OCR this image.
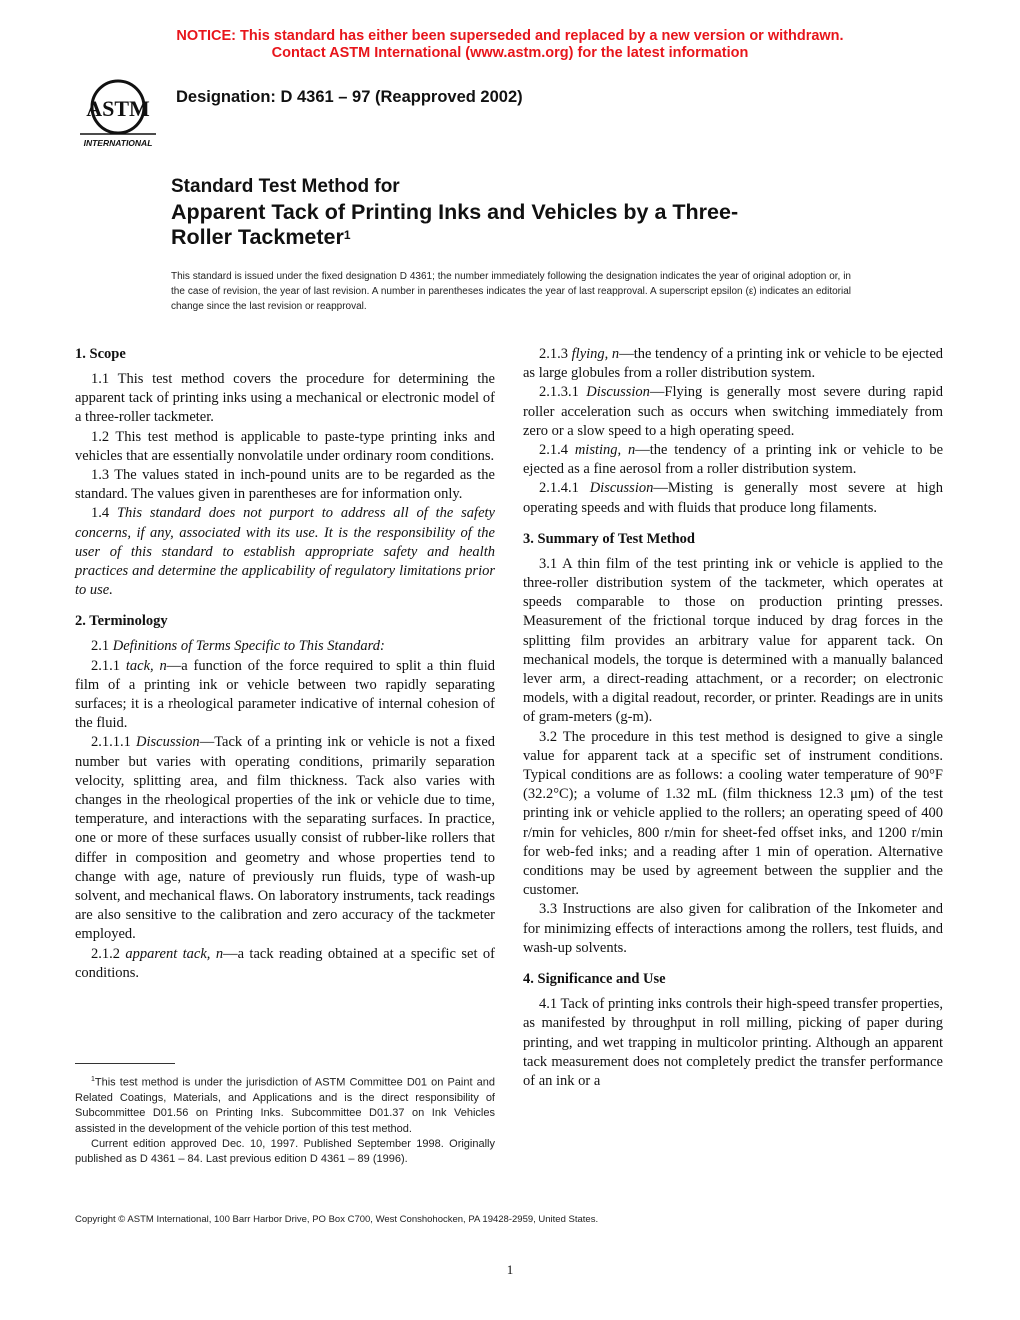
NOTICE: This standard has either been superseded and replaced by a new version or withdrawn.
Contact ASTM International (www.astm.org) for the latest information
ASTM
INTERNATIONAL
Designation: D 4361 – 97 (Reapproved 2002)
Standard Test Method for
Apparent Tack of Printing Inks and Vehicles by a Three-
Roller Tackmeter$^1$
This standard is issued under the fixed designation D 4361; the number immediately following the designation indicates the year of original adoption or, in the case of revision, the year of last revision. A number in parentheses indicates the year of last reapproval. A superscript epsilon (ε) indicates an editorial change since the last revision or reapproval.
1. Scope

1.1 This test method covers the procedure for determining the apparent tack of printing inks using a mechanical or electronic model of a three-roller tackmeter.

1.2 This test method is applicable to paste-type printing inks and vehicles that are essentially nonvolatile under ordinary room conditions.

1.3 The values stated in inch-pound units are to be regarded as the standard. The values given in parentheses are for information only.

1.4 This standard does not purport to address all of the safety concerns, if any, associated with its use. It is the responsibility of the user of this standard to establish appropriate safety and health practices and determine the applicability of regulatory limitations prior to use.

2. Terminology

2.1 Definitions of Terms Specific to This Standard:

2.1.1 tack, n—a function of the force required to split a thin fluid film of a printing ink or vehicle between two rapidly separating surfaces; it is a rheological parameter indicative of internal cohesion of the fluid.

2.1.1.1 Discussion—Tack of a printing ink or vehicle is not a fixed number but varies with operating conditions, primarily separation velocity, splitting area, and film thickness. Tack also varies with changes in the rheological properties of the ink or vehicle due to time, temperature, and interactions with the separating surfaces. In practice, one or more of these surfaces usually consist of rubber-like rollers that differ in composition and geometry and whose properties tend to change with age, nature of previously run fluids, type of wash-up solvent, and mechanical flaws. On laboratory instruments, tack readings are also sensitive to the calibration and zero accuracy of the tackmeter employed.

2.1.2 apparent tack, n—a tack reading obtained at a specific set of conditions.

$^1$This test method is under the jurisdiction of ASTM Committee D01 on Paint and Related Coatings, Materials, and Applications and is the direct responsibility of Subcommittee D01.56 on Printing Inks. Subcommittee D01.37 on Ink Vehicles assisted in the development of the vehicle portion of this test method.

Current edition approved Dec. 10, 1997. Published September 1998. Originally published as D 4361 – 84. Last previous edition D 4361 – 89 (1996).

2.1.3 flying, n—the tendency of a printing ink or vehicle to be ejected as large globules from a roller distribution system.

2.1.3.1 Discussion—Flying is generally most severe during rapid roller acceleration such as occurs when switching immediately from zero or a slow speed to a high operating speed.

2.1.4 misting, n—the tendency of a printing ink or vehicle to be ejected as a fine aerosol from a roller distribution system.

2.1.4.1 Discussion—Misting is generally most severe at high operating speeds and with fluids that produce long filaments.

3. Summary of Test Method

3.1 A thin film of the test printing ink or vehicle is applied to the three-roller distribution system of the tackmeter, which operates at speeds comparable to those on production printing presses. Measurement of the frictional torque induced by drag forces in the splitting film provides an arbitrary value for apparent tack. On mechanical models, the torque is determined with a manually balanced lever arm, a direct-reading attachment, or a recorder; on electronic models, with a digital readout, recorder, or printer. Readings are in units of gram-meters (g-m).

3.2 The procedure in this test method is designed to give a single value for apparent tack at a specific set of instrument conditions. Typical conditions are as follows: a cooling water temperature of 90°F (32.2°C); a volume of 1.32 mL (film thickness 12.3 μm) of the test printing ink or vehicle applied to the rollers; an operating speed of 400 r/min for vehicles, 800 r/min for sheet-fed offset inks, and 1200 r/min for web-fed inks; and a reading after 1 min of operation. Alternative conditions may be used by agreement between the supplier and the customer.

3.3 Instructions are also given for calibration of the Inkometer and for minimizing effects of interactions among the rollers, test fluids, and wash-up solvents.

4. Significance and Use

4.1 Tack of printing inks controls their high-speed transfer properties, as manifested by throughput in roll milling, picking of paper during printing, and wet trapping in multicolor printing. Although an apparent tack measurement does not completely predict the transfer performance of an ink or a

Copyright © ASTM International, 100 Barr Harbor Drive, PO Box C700, West Conshohocken, PA 19428-2959, United States.
1
